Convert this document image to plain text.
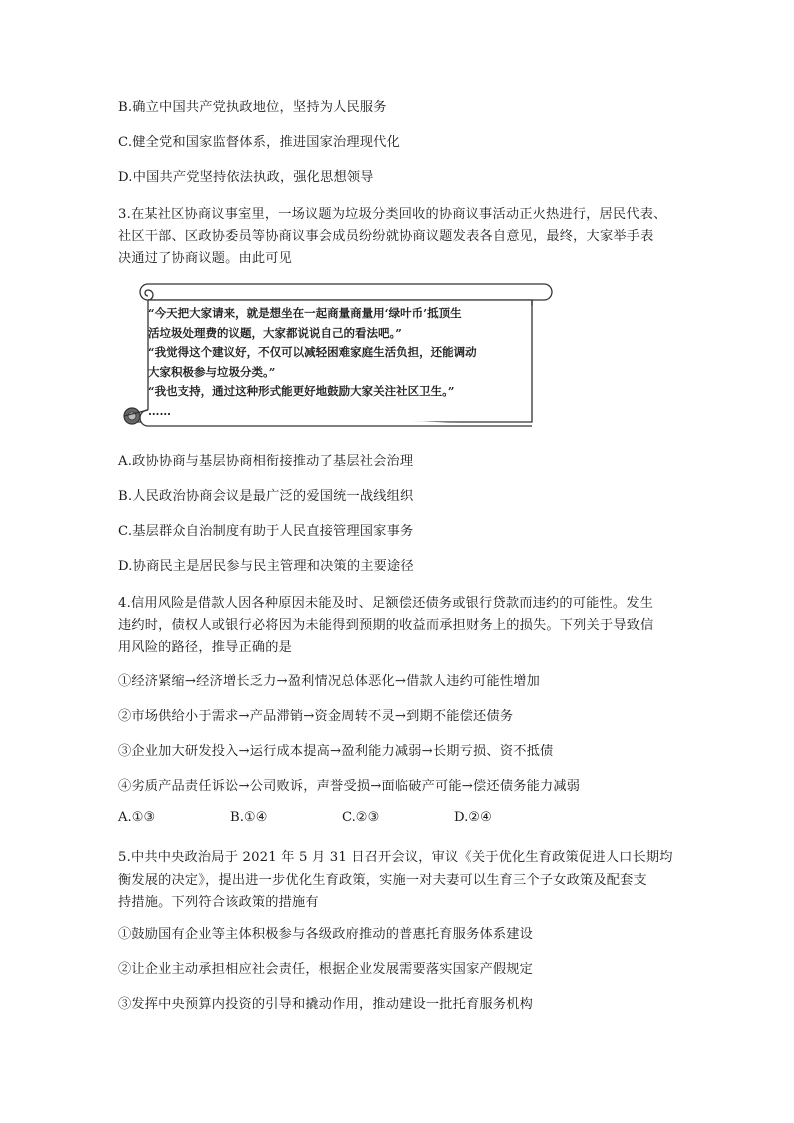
B.确立中国共产党执政地位，坚持为人民服务
C.健全党和国家监督体系，推进国家治理现代化
D.中国共产党坚持依法执政，强化思想领导
3.在某社区协商议事室里，一场议题为垃圾分类回收的协商议事活动正火热进行，居民代表、
社区干部、区政协委员等协商议事会成员纷纷就协商议题发表各自意见，最终，大家举手表
决通过了协商议题。由此可见
“今天把大家请来，就是想坐在一起商量商量用‘绿叶币’抵顶生
活垃圾处理费的议题，大家都说说自己的看法吧。”
“我觉得这个建议好，不仅可以减轻困难家庭生活负担，还能调动
大家积极参与垃圾分类。”
“我也支持，通过这种形式能更好地鼓励大家关注社区卫生。”
……
A.政协协商与基层协商相衔接推动了基层社会治理
B.人民政治协商会议是最广泛的爱国统一战线组织
C.基层群众自治制度有助于人民直接管理国家事务
D.协商民主是居民参与民主管理和决策的主要途径
4.信用风险是借款人因各种原因未能及时、足额偿还债务或银行贷款而违约的可能性。发生
违约时，债权人或银行必将因为未能得到预期的收益而承担财务上的损失。下列关于导致信
用风险的路径，推导正确的是
①经济紧缩→经济增长乏力→盈利情况总体恶化→借款人违约可能性增加
②市场供给小于需求→产品滞销→资金周转不灵→到期不能偿还债务
③企业加大研发投入→运行成本提高→盈利能力减弱→长期亏损、资不抵债
④劣质产品责任诉讼→公司败诉，声誉受损→面临破产可能→偿还债务能力减弱
A.①③	B.①④	C.②③	D.②④
5.中共中央政治局于 2021 年 5 月 31 日召开会议，审议《关于优化生育政策促进人口长期均
衡发展的决定》，提出进一步优化生育政策，实施一对夫妻可以生育三个子女政策及配套支
持措施。下列符合该政策的措施有
①鼓励国有企业等主体积极参与各级政府推动的普惠托育服务体系建设
②让企业主动承担相应社会责任，根据企业发展需要落实国家产假规定
③发挥中央预算内投资的引导和撬动作用，推动建设一批托育服务机构
